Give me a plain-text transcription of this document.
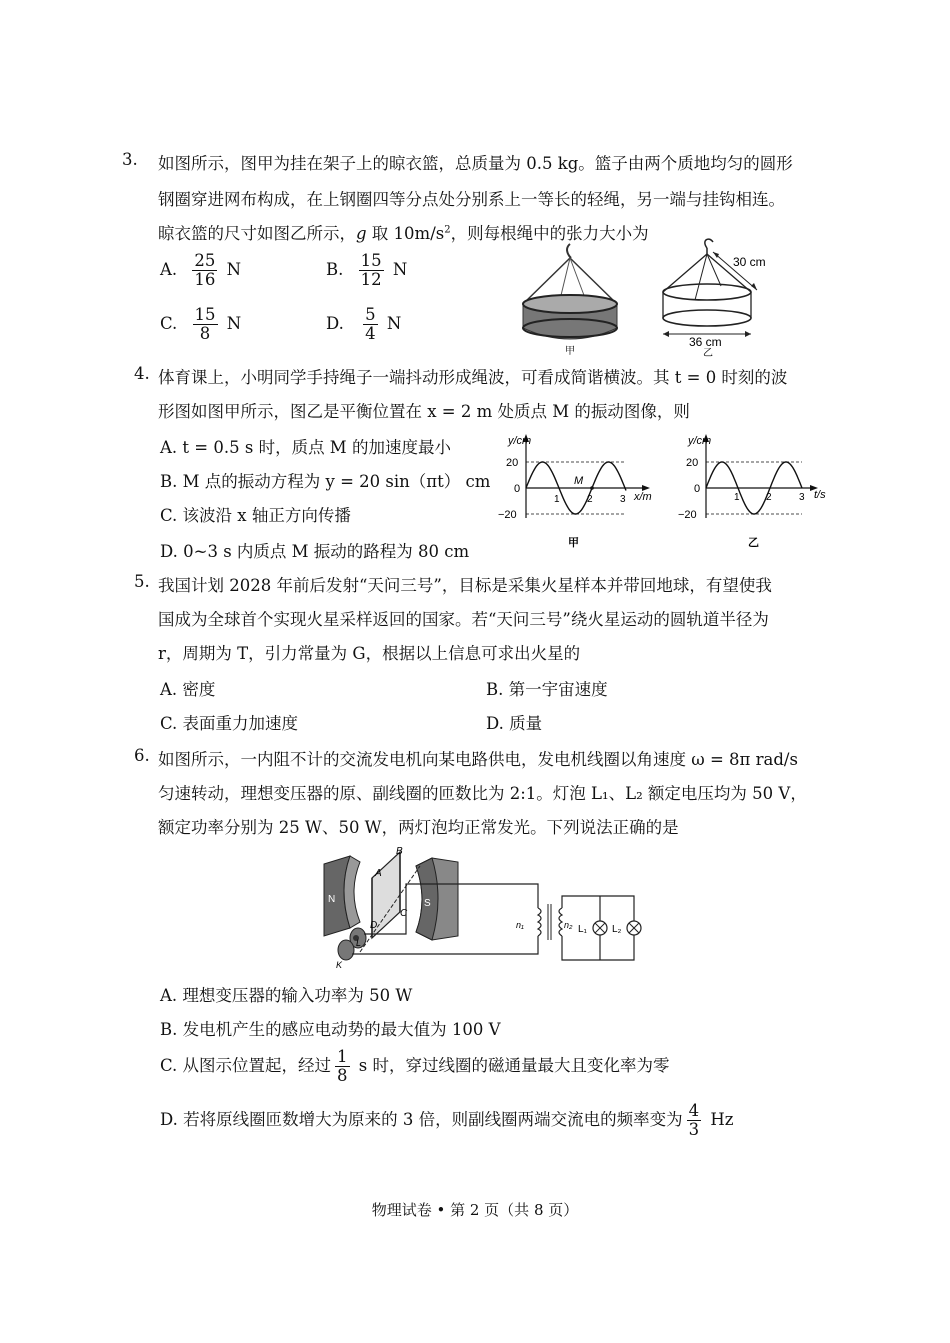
3. 如图所示，图甲为挂在架子上的晾衣篮，总质量为 0.5 kg。篮子由两个质地均匀的圆形
钢圈穿进网布构成，在上钢圈四等分点处分别系上一等长的轻绳，另一端与挂钩相连。
晾衣篮的尺寸如图乙所示，g 取 $10m/s^2$，则每根绳中的张力大小为
A. $\frac{25}{16}$ N	B. $\frac{15}{12}$ N
C. $\frac{15}{8}$ N	D. $\frac{5}{4}$ N
甲
30 cm
36 cm
乙
4. 体育课上，小明同学手持绳子一端抖动形成绳波，可看成简谐横波。其 t = 0 时刻的波
形图如图甲所示，图乙是平衡位置在 x = 2 m 处质点 M 的振动图像，则
A. t = 0.5 s 时，质点 M 的加速度最小
B. M 点的振动方程为 y = 20 sin（πt） cm
C. 该波沿 x 轴正方向传播
D. 0~3 s 内质点 M 振动的路程为 80 cm
y/cm
x/m
20
0
−20
1	2	3
M
甲
y/cm
t/s
20
0
−20
1	2	3
乙
5. 我国计划 2028 年前后发射“天问三号”，目标是采集火星样本并带回地球，有望使我
国成为全球首个实现火星采样返回的国家。若“天问三号”绕火星运动的圆轨道半径为
r，周期为 T，引力常量为 G，根据以上信息可求出火星的
A. 密度	B. 第一宇宙速度
C. 表面重力加速度	D. 质量
6. 如图所示，一内阻不计的交流发电机向某电路供电，发电机线圈以角速度 ω = 8π rad/s
匀速转动，理想变压器的原、副线圈的匝数比为 2:1。灯泡 L₁、L₂ 额定电压均为 50 V，
额定功率分别为 25 W、50 W，两灯泡均正常发光。下列说法正确的是
N	S
A
B
C
D
L
K
n₁	n₂ L₁	L₂
A. 理想变压器的输入功率为 50 W
B. 发电机产生的感应电动势的最大值为 100 V
C. 从图示位置起，经过 $\frac{1}{8}$ s 时，穿过线圈的磁通量最大且变化率为零
D. 若将原线圈匝数增大为原来的 3 倍，则副线圈两端交流电的频率变为 $\frac{4}{3}$ Hz
物理试卷 • 第 2 页（共 8 页）
